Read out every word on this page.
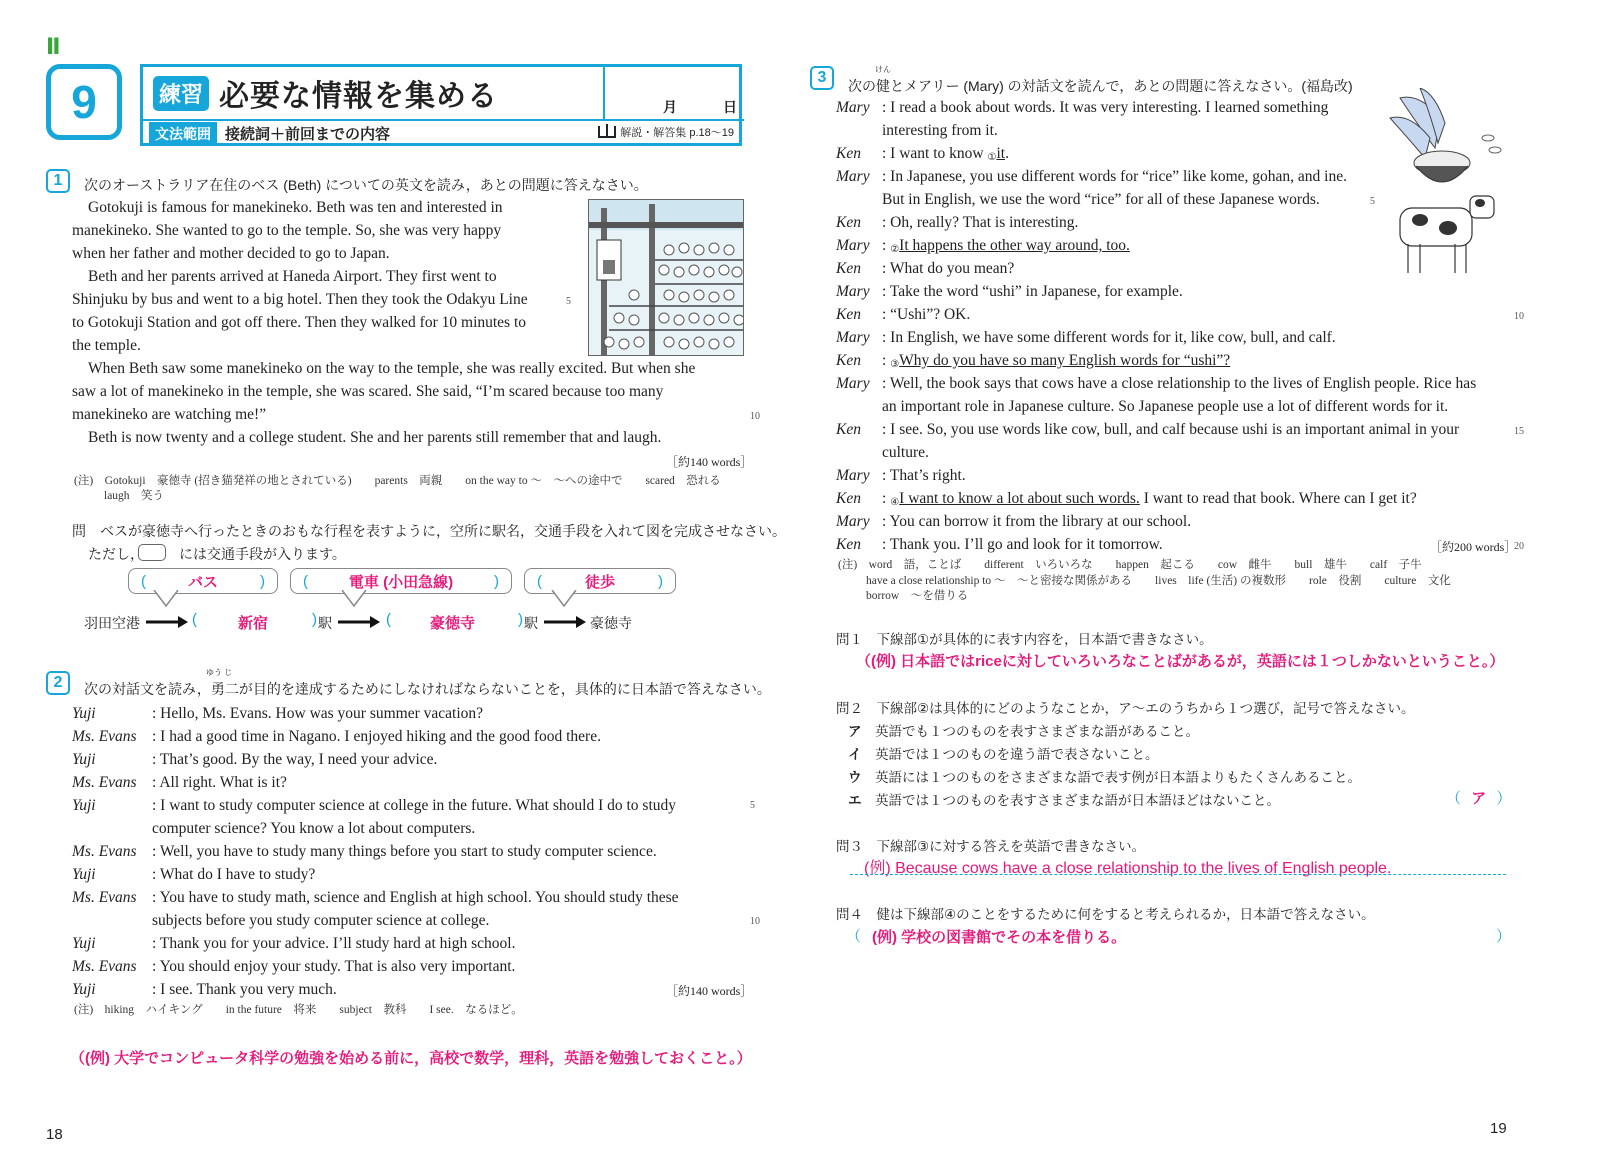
Ⅱ
9	練習 必要な情報を集める	月	日
文法範囲 接続詞＋前回までの内容	解説・解答集 p.18～19
1	次のオーストラリア在住のベス (Beth) についての英文を読み，あとの問題に答えなさい。
Gotokuji is famous for manekineko. Beth was ten and interested in
manekineko. She wanted to go to the temple. So, she was very happy
when her father and mother decided to go to Japan.
Beth and her parents arrived at Haneda Airport. They first went to
Shinjuku by bus and went to a big hotel. Then they took the Odakyu Line
to Gotokuji Station and got off there. Then they walked for 10 minutes to
the temple.
5
When Beth saw some manekineko on the way to the temple, she was really excited. But when she
saw a lot of manekineko in the temple, she was scared. She said, “I’m scared because too many
manekineko are watching me!”	10
Beth is now twenty and a college student. She and her parents still remember that and laugh.
［約140 words］
(注)　Gotokuji　豪徳寺 (招き猫発祥の地とされている)　　parents　両親　　on the way to ～　～への途中で　　scared　恐れる
laugh　笑う
問　ベスが豪徳寺へ行ったときのおもな行程を表すように，空所に駅名，交通手段を入れて図を完成させなさい。
ただし，　　　には交通手段が入ります。
(	バス	)	(	電車 (小田急線)	)	(	徒歩	)
羽田空港	(	新宿	) 駅	(	豪徳寺	) 駅	豪徳寺
2
ゆう じ
次の対話文を読み，勇二が目的を達成するためにしなければならないことを，具体的に日本語で答えなさい。
Yuji	: Hello, Ms. Evans. How was your summer vacation?
Ms. Evans : I had a good time in Nagano. I enjoyed hiking and the good food there.
Yuji	: That’s good. By the way, I need your advice.
Ms. Evans : All right. What is it?
Yuji	: I want to study computer science at college in the future. What should I do to study
computer science? You know a lot about computers.
Ms. Evans : Well, you have to study many things before you start to study computer science.
Yuji	: What do I have to study?
Ms. Evans : You have to study math, science and English at high school. You should study these
subjects before you study computer science at college.
Yuji	: Thank you for your advice. I’ll study hard at high school.
Ms. Evans : You should enjoy your study. That is also very important.
Yuji	: I see. Thank you very much.
5
10
［約140 words］
(注)　hiking　ハイキング　　in the future　将来　　subject　教科　　I see.　なるほど。
（(例) 大学でコンピュータ科学の勉強を始める前に，高校で数学，理科，英語を勉強しておくこと。）
18
3	けん
次の健とメアリー (Mary) の対話文を読んで，あとの問題に答えなさい。(福島改)
Mary : I read a book about words. It was very interesting. I learned something
interesting from it.
Ken : I want to know $_①$it.
Mary : In Japanese, you use different words for “rice” like kome, gohan, and ine.
But in English, we use the word “rice” for all of these Japanese words.	5
Ken : Oh, really? That is interesting.
Mary : $_②$It happens the other way around, too.
Ken : What do you mean?
Mary : Take the word “ushi” in Japanese, for example.
Ken : “Ushi”? OK.	10
Mary : In English, we have some different words for it, like cow, bull, and calf.
Ken : $_③$Why do you have so many English words for “ushi”?
Mary : Well, the book says that cows have a close relationship to the lives of English people. Rice has
an important role in Japanese culture. So Japanese people use a lot of different words for it.
Ken : I see. So, you use words like cow, bull, and calf because ushi is an important animal in your	15
culture.
Mary : That’s right.
Ken : $_④$I want to know a lot about such words. I want to read that book. Where can I get it?
Mary : You can borrow it from the library at our school.
Ken : Thank you. I’ll go and look for it tomorrow.	［約200 words］
20
(注)　word　語，ことば　　different　いろいろな　　happen　起こる　　cow　雌牛　　bull　雄牛　　calf　子牛
have a close relationship to ～　～と密接な関係がある　　lives　life (生活) の複数形　　role　役割　　culture　文化
borrow　～を借りる
問１　下線部①が具体的に表す内容を，日本語で書きなさい。
（(例) 日本語ではriceに対していろいろなことばがあるが，英語には１つしかないということ。）
問２　下線部②は具体的にどのようなことか，ア～エのうちから１つ選び，記号で答えなさい。
ア　 英語でも１つのものを表すさまざまな語があること。
イ　 英語では１つのものを違う語で表さないこと。
ウ　 英語には１つのものをさまざまな語で表す例が日本語よりもたくさんあること。
エ　 英語では１つのものを表すさまざまな語が日本語ほどはないこと。	（ ア ）
問３　下線部③に対する答えを英語で書きなさい。
(例) Because cows have a close relationship to the lives of English people.
問４　健は下線部④のことをするために何をすると考えられるか，日本語で答えなさい。
（ (例) 学校の図書館でその本を借りる。	）
19
